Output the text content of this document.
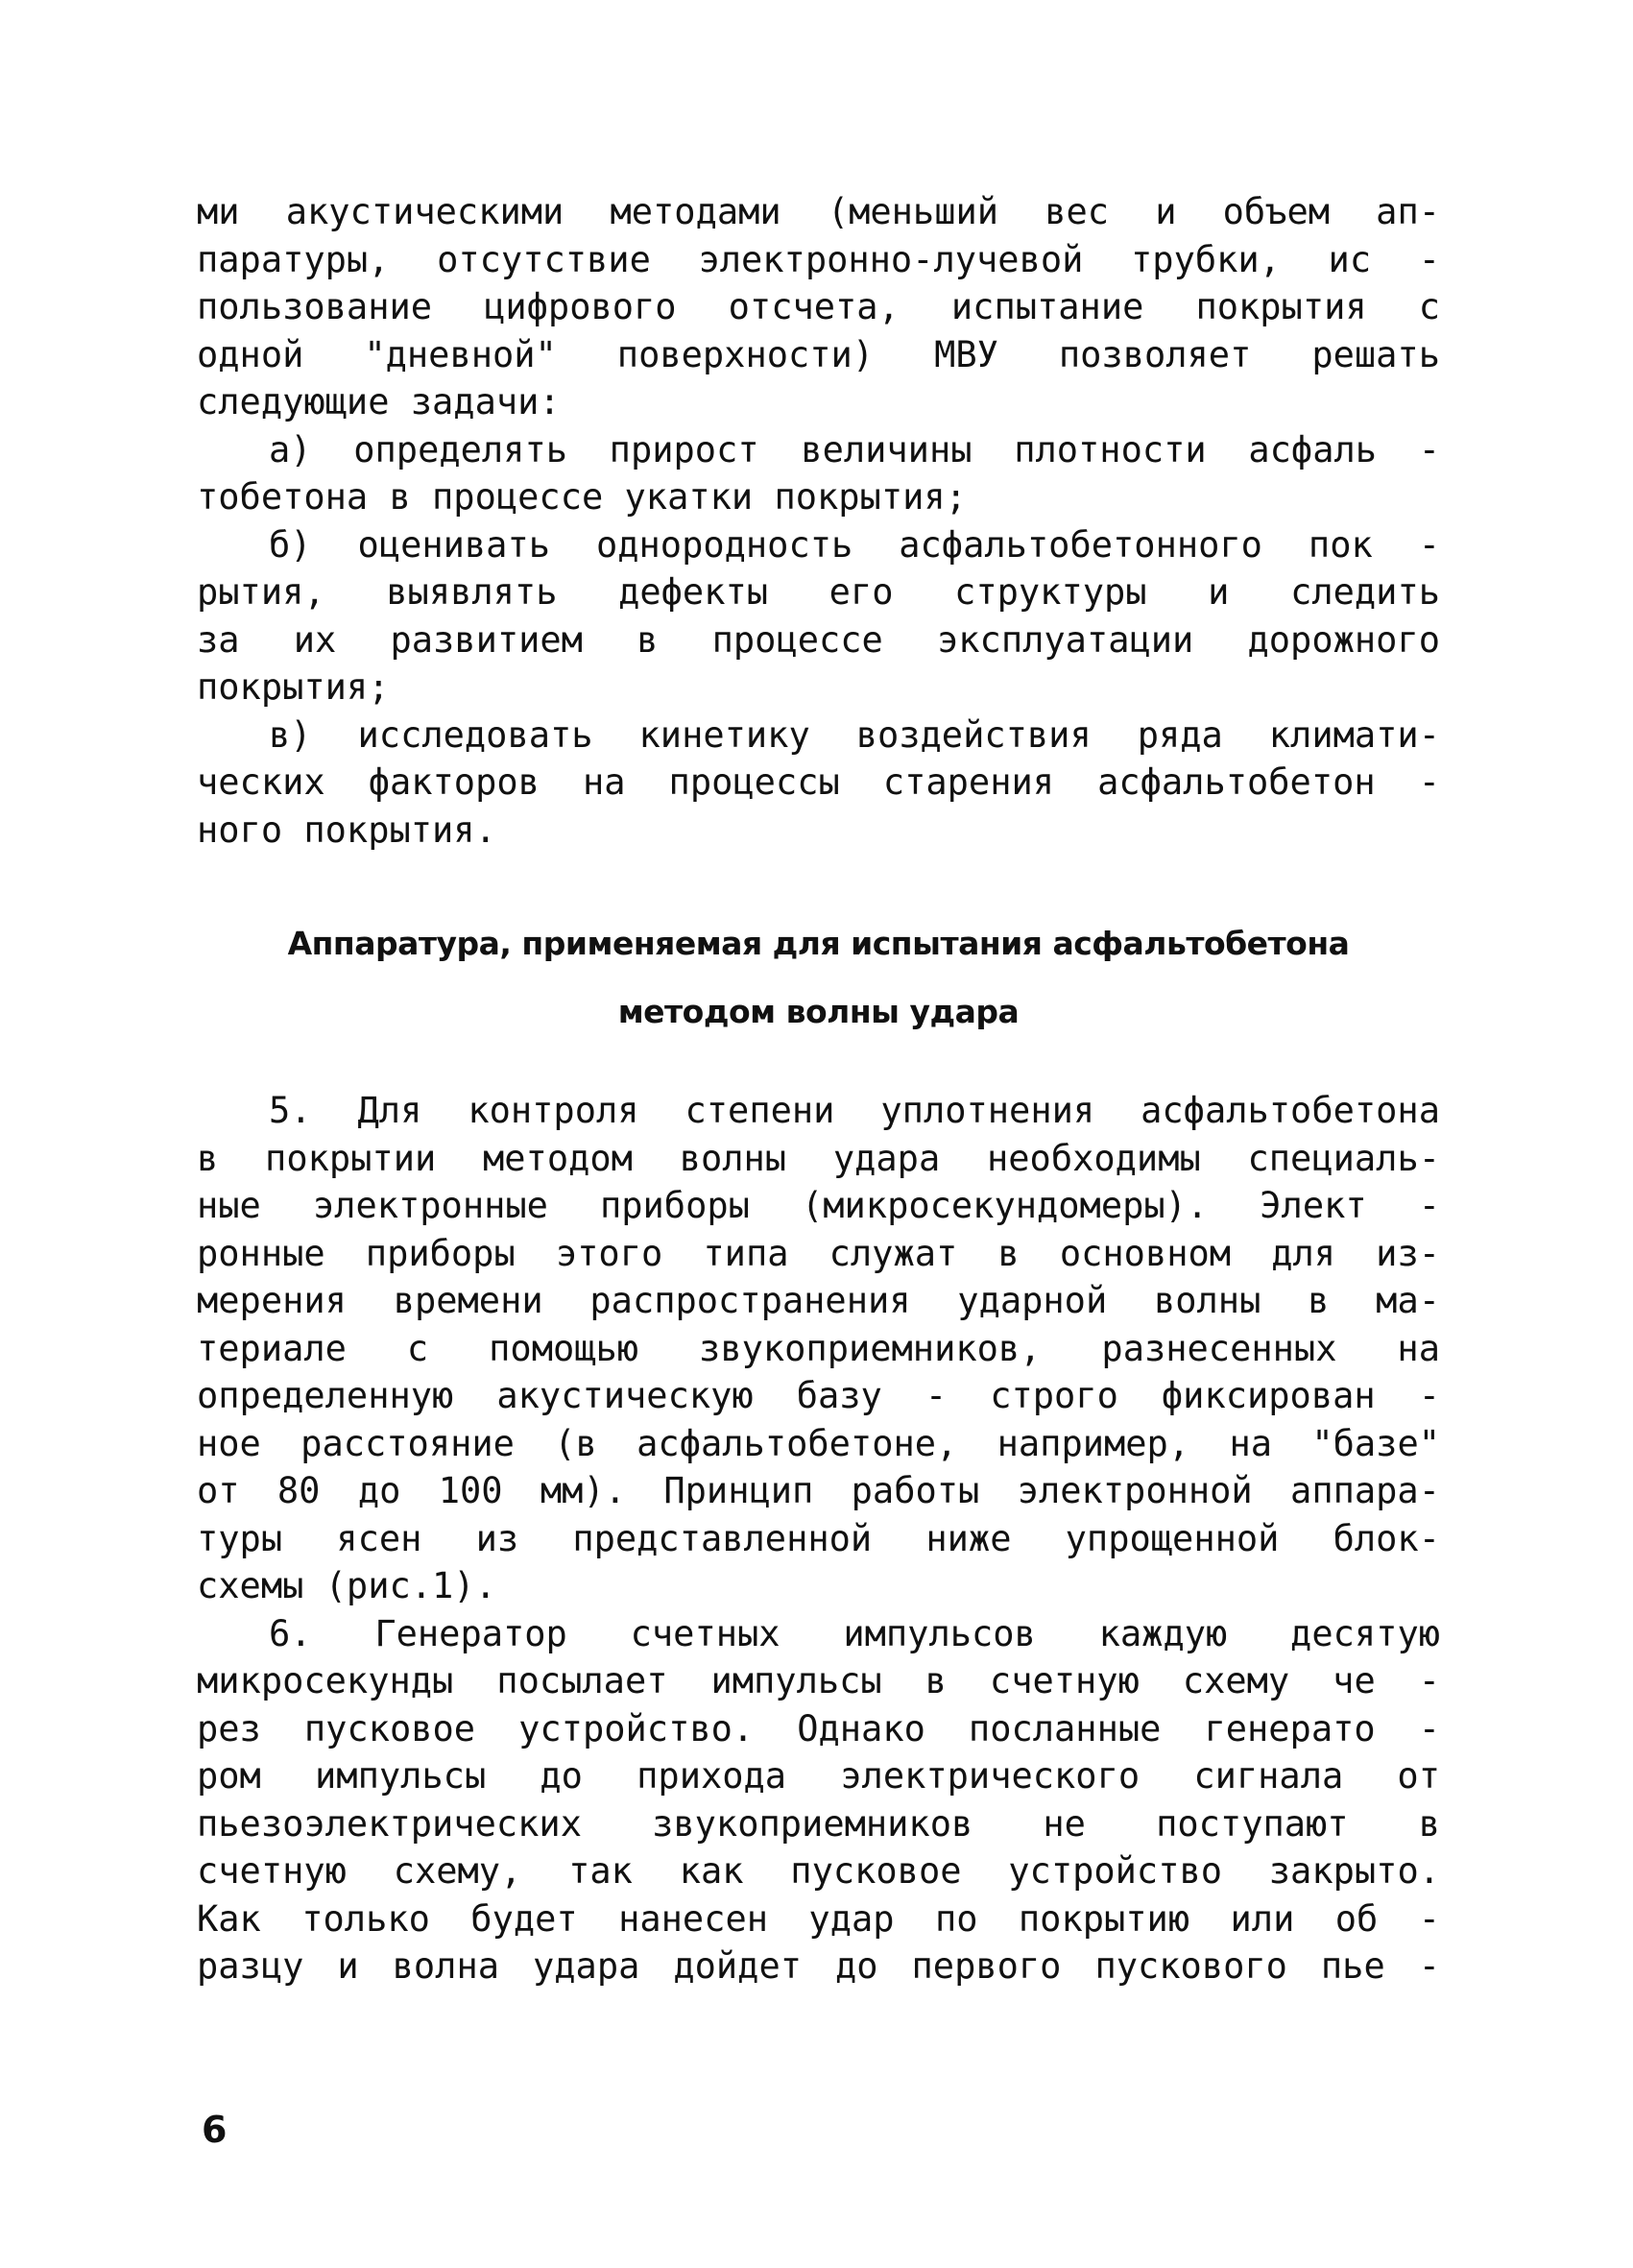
ми акустическими методами (меньший вес и объем ап-
паратуры, отсутствие электронно-лучевой трубки, ис -
пользование цифрового отсчета, испытание покрытия с
одной "дневной" поверхности) МВУ позволяет решать
следующие задачи:
а) определять прирост величины плотности асфаль -
тобетона в процессе укатки покрытия;
б) оценивать однородность асфальтобетонного пок -
рытия, выявлять дефекты его структуры и следить
за их развитием в процессе эксплуатации дорожного
покрытия;
в) исследовать кинетику воздействия ряда климати-
ческих факторов на процессы старения асфальтобетон -
ного покрытия.
Аппаратура, применяемая для испытания асфальтобетона
методом волны удара
5. Для контроля степени уплотнения асфальтобетона
в покрытии методом волны удара необходимы специаль-
ные электронные приборы (микросекундомеры). Элект -
ронные приборы этого типа служат в основном для из-
мерения времени распространения ударной волны в ма-
териале с помощью звукоприемников, разнесенных на
определенную акустическую базу - строго фиксирован -
ное расстояние (в асфальтобетоне, например, на "базе"
от 80 до 100 мм). Принцип работы электронной аппара-
туры ясен из представленной ниже упрощенной блок-
схемы (рис.1).
6. Генератор счетных импульсов каждую десятую
микросекунды посылает импульсы в счетную схему че -
рез пусковое устройство. Однако посланные генерато -
ром импульсы до прихода электрического сигнала от
пьезоэлектрических звукоприемников не поступают в
счетную схему, так как пусковое устройство закрыто.
Как только будет нанесен удар по покрытию или об -
разцу и волна удара дойдет до первого пускового пье -
6
